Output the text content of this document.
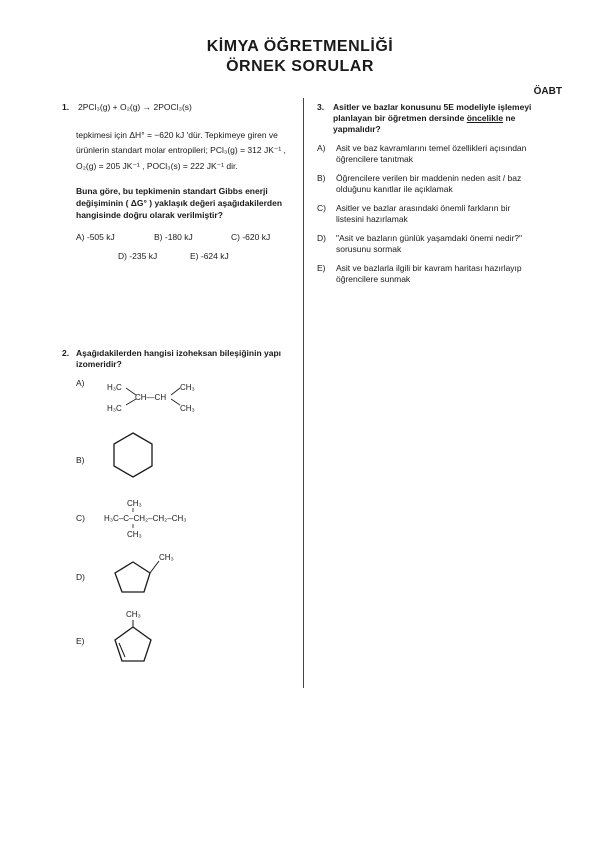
KİMYA ÖĞRETMENLİĞİ
ÖRNEK SORULAR
ÖABT
1. 2PCl₃(g) + O₂(g) → 2POCl₃(s)
tepkimesi için ΔH° = −620 kJ 'dür. Tepkimeye giren ve
ürünlerin standart molar entropileri; PCl₃(g) = 312 JK⁻¹ ,
O₂(g) = 205 JK⁻¹ , POCl₃(s) = 222 JK⁻¹ dir.
Buna göre, bu tepkimenin standart Gibbs enerji
değişiminin ( ΔG° ) yaklaşık değeri aşağıdakilerden
hangisinde doğru olarak verilmiştir?
A) -505 kJ	B) -180 kJ	C) -620 kJ
D) -235 kJ	E) -624 kJ
2. Aşağıdakilerden hangisi izoheksan bileşiğinin yapı
izomeridir?
A)
B)
C)
D)
E)
H₃C	CH₃
CH—CH
H₃C	CH₃
CH₃
H₃C–C–CH₂–CH₂–CH₃
CH₃
CH₃
CH₃
3. Asitler ve bazlar konusunu 5E modeliyle işlemeyi
planlayan bir öğretmen dersinde öncelikle ne
yapmalıdır?
A) Asit ve baz kavramlarını temel özellikleri açısından
öğrencilere tanıtmak
B) Öğrencilere verilen bir maddenin neden asit / baz
olduğunu kanıtlar ile açıklamak
C) Asitler ve bazlar arasındaki önemli farkların bir
listesini hazırlamak
D) "Asit ve bazların günlük yaşamdaki önemi nedir?"
sorusunu sormak
E) Asit ve bazlarla ilgili bir kavram haritası hazırlayıp
öğrencilere sunmak
